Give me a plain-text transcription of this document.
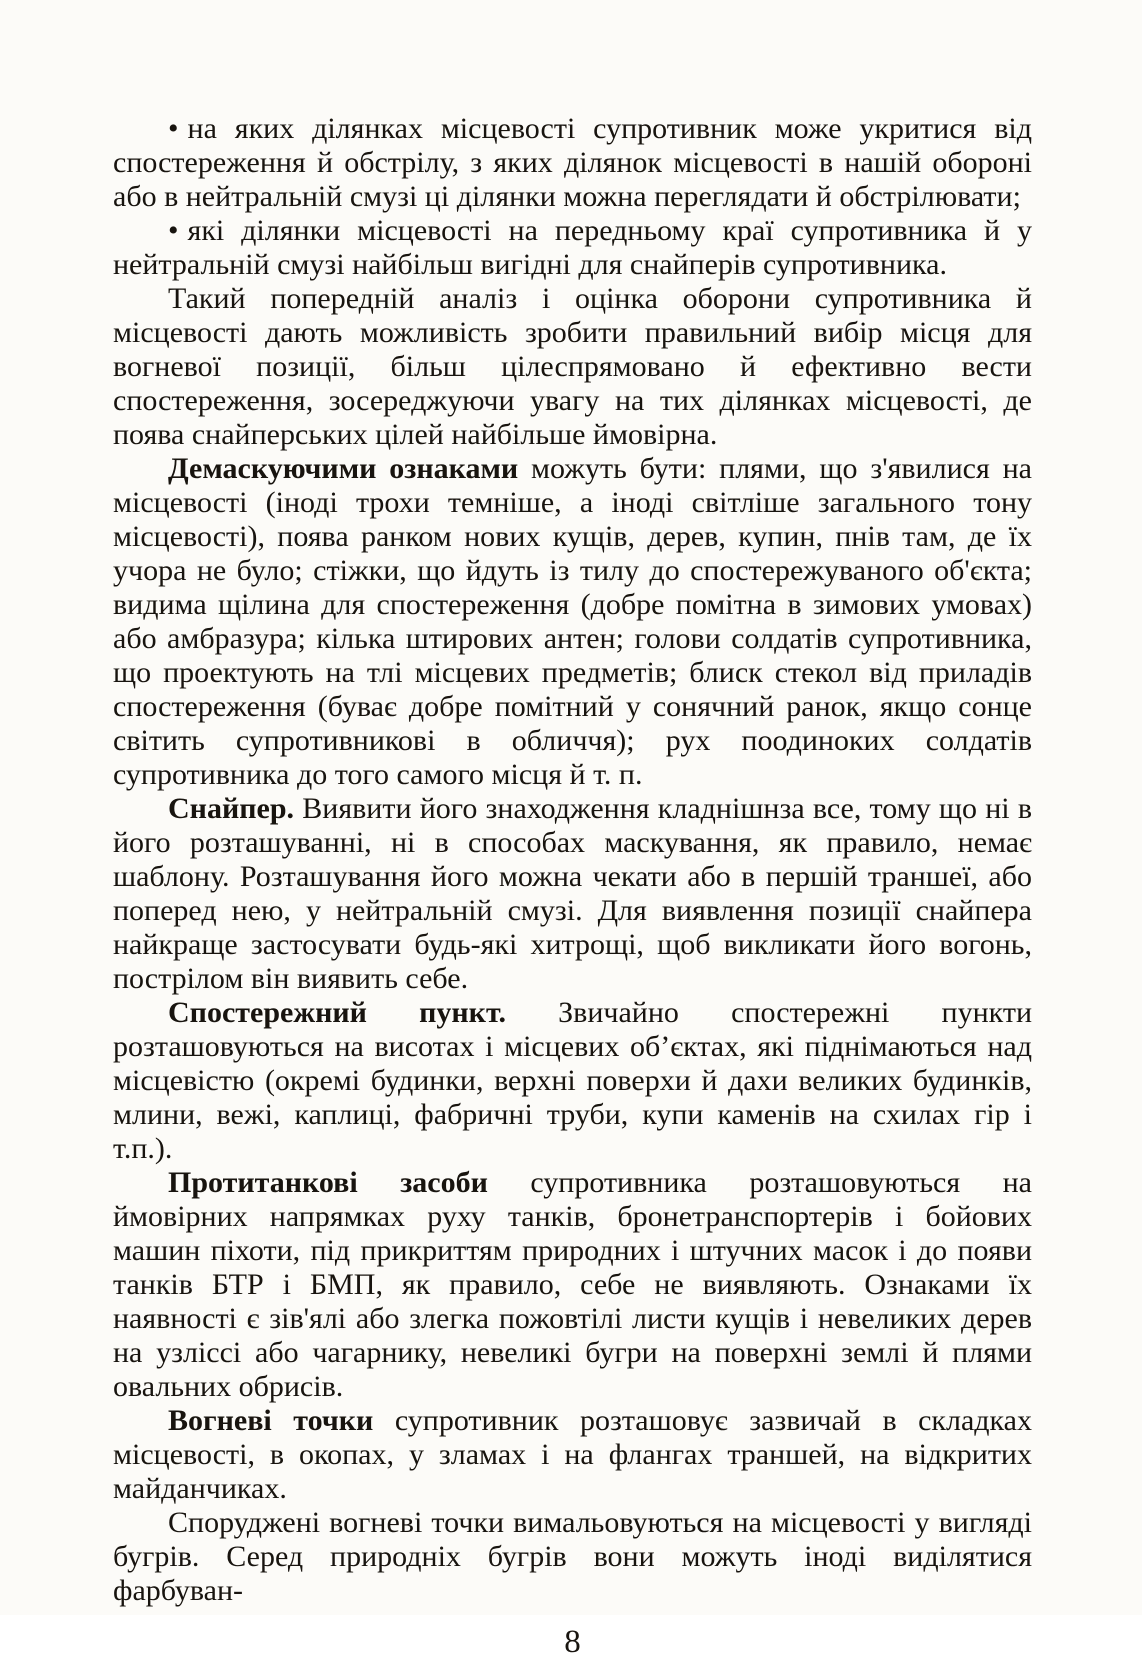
• на яких ділянках місцевості супротивник може укритися від спостереження й обстрілу, з яких ділянок місцевості в нашій обороні або в нейтральній смузі ці ділянки можна переглядати й обстрілювати;

• які ділянки місцевості на передньому краї супротивника й у нейтральній смузі найбільш вигідні для снайперів супротивника.

Такий попередній аналіз і оцінка оборони супротивника й місцевості дають можливість зробити правильний вибір місця для вогневої позиції, більш цілеспрямовано й ефективно вести спостереження, зосереджуючи увагу на тих ділянках місцевості, де поява снайперських цілей найбільше ймовірна.

Демаскуючими ознаками можуть бути: плями, що з'явилися на місцевості (іноді трохи темніше, а іноді світліше загального тону місцевості), поява ранком нових кущів, дерев, купин, пнів там, де їх учора не було; стіжки, що йдуть із тилу до спостережуваного об'єкта; видима щілина для спостереження (добре помітна в зимових умовах) або амбразура; кілька штирових антен; голови солдатів супротивника, що проектують на тлі місцевих предметів; блиск стекол від приладів спостереження (буває добре помітний у сонячний ранок, якщо сонце світить супротивникові в обличчя); рух поодиноких солдатів супротивника до того самого місця й т. п.

Снайпер. Виявити його знаходження кладнішнза все, тому що ні в його розташуванні, ні в способах маскування, як правило, немає шаблону. Розташування його можна чекати або в першій траншеї, або поперед нею, у нейтральній смузі. Для виявлення позиції снайпера найкраще застосувати будь-які хитрощі, щоб викликати його вогонь, пострілом він виявить себе.

Спостережний пункт. Звичайно спостережні пункти розташовуються на висотах і місцевих об’єктах, які піднімаються над місцевістю (окремі будинки, верхні поверхи й дахи великих будинків, млини, вежі, каплиці, фабричні труби, купи каменів на схилах гір і т.п.).

Протитанкові засоби супротивника розташовуються на ймовірних напрямках руху танків, бронетранспортерів і бойових машин піхоти, під прикриттям природних і штучних масок і до появи танків БТР і БМП, як правило, себе не виявляють. Ознаками їх наявності є зів'ялі або злегка пожовтілі листи кущів і невеликих дерев на узліссі або чагарнику, невеликі бугри на поверхні землі й плями овальних обрисів.

Вогневі точки супротивник розташовує зазвичай в складках місцевості, в окопах, у зламах і на флангах траншей, на відкритих майданчиках.

Споруджені вогневі точки вимальовуються на місцевості у вигляді бугрів. Серед природніх бугрів вони можуть іноді виділятися фарбуван-

8
